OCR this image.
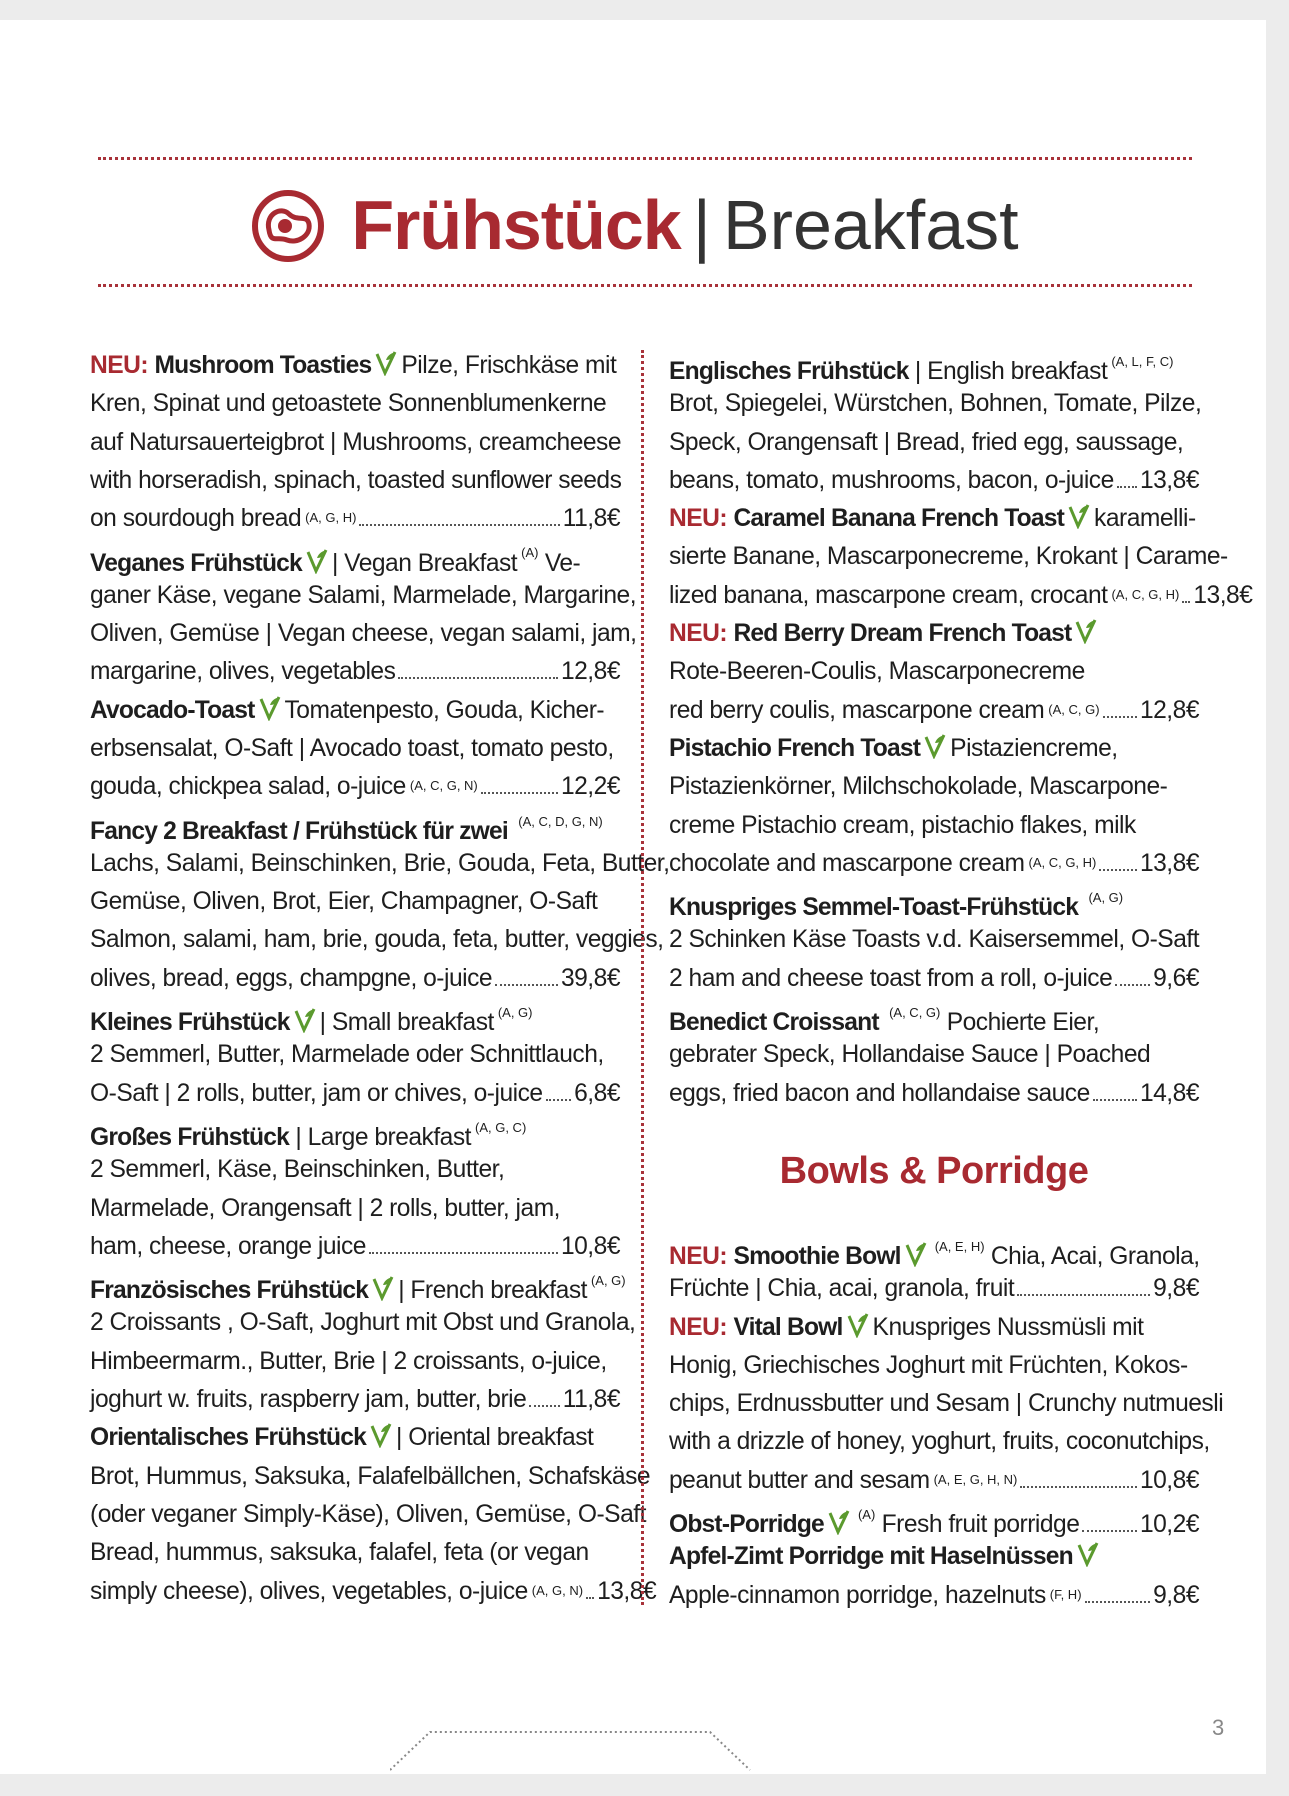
Frühstück | Breakfast
NEU: Mushroom Toasties Pilze, Frischkäse mit
Kren, Spinat und getoastete Sonnenblumenkerne
auf Natursauerteigbrot | Mushrooms, creamcheese
with horseradish, spinach, toasted sunflower seeds
on sourdough bread (A, G, H)	11,8€
Veganes Frühstück | Vegan Breakfast $^{(A)}$ Ve-
ganer Käse, vegane Salami, Marmelade, Margarine,
Oliven, Gemüse | Vegan cheese, vegan salami, jam,
margarine, olives, vegetables	12,8€
Avocado-Toast Tomatenpesto, Gouda, Kicher-
erbsensalat, O-Saft | Avocado toast, tomato pesto,
gouda, chickpea salad, o-juice (A, C, G, N)	12,2€
Fancy 2 Breakfast / Frühstück für zwei $^{(A, C, D, G, N)}$
Lachs, Salami, Beinschinken, Brie, Gouda, Feta, Butter,
Gemüse, Oliven, Brot, Eier, Champagner, O-Saft
Salmon, salami, ham, brie, gouda, feta, butter, veggies,
olives, bread, eggs, champgne, o-juice	39,8€
Kleines Frühstück | Small breakfast $^{(A, G)}$
2 Semmerl, Butter, Marmelade oder Schnittlauch,
O-Saft | 2 rolls, butter, jam or chives, o-juice 6,8€
Großes Frühstück | Large breakfast $^{(A, G, C)}$
2 Semmerl, Käse, Beinschinken, Butter,
Marmelade, Orangensaft | 2 rolls, butter, jam,
ham, cheese, orange juice	10,8€
Französisches Frühstück | French breakfast $^{(A, G)}$
2 Croissants , O-Saft, Joghurt mit Obst und Granola,
Himbeermarm., Butter, Brie | 2 croissants, o-juice,
joghurt w. fruits, raspberry jam, butter, brie 11,8€
Orientalisches Frühstück | Oriental breakfast
Brot, Hummus, Saksuka, Falafelbällchen, Schafskäse
(oder veganer Simply-Käse), Oliven, Gemüse, O-Saft
Bread, hummus, saksuka, falafel, feta (or vegan
simply cheese), olives, vegetables, o-juice (A, G, N) 13,8€
Englisches Frühstück | English breakfast $^{(A, L, F, C)}$
Brot, Spiegelei, Würstchen, Bohnen, Tomate, Pilze,
Speck, Orangensaft | Bread, fried egg, saussage,
beans, tomato, mushrooms, bacon, o-juice 13,8€
NEU: Caramel Banana French Toast karamelli-
sierte Banane, Mascarponecreme, Krokant | Carame-
lized banana, mascarpone cream, crocant (A, C, G, H) 13,8€
NEU: Red Berry Dream French Toast
Rote-Beeren-Coulis, Mascarponecreme
red berry coulis, mascarpone cream (A, C, G) 12,8€
Pistachio French Toast Pistaziencreme,
Pistazienkörner, Milchschokolade, Mascarpone-
creme Pistachio cream, pistachio flakes, milk
chocolate and mascarpone cream (A, C, G, H) 13,8€
Knuspriges Semmel-Toast-Frühstück $^{(A, G)}$
2 Schinken Käse Toasts v.d. Kaisersemmel, O-Saft
2 ham and cheese toast from a roll, o-juice 9,6€
Benedict Croissant $^{(A, C, G)}$ Pochierte Eier,
gebrater Speck, Hollandaise Sauce | Poached
eggs, fried bacon and hollandaise sauce 14,8€
Bowls & Porridge
NEU: Smoothie Bowl	$^{(A, E, H)}$ Chia, Acai, Granola,
Früchte | Chia, acai, granola, fruit	9,8€
NEU: Vital Bowl Knuspriges Nussmüsli mit
Honig, Griechisches Joghurt mit Früchten, Kokos-
chips, Erdnussbutter und Sesam | Crunchy nutmuesli
with a drizzle of honey, yoghurt, fruits, coconutchips,
peanut butter and sesam (A, E, G, H, N)	10,8€
Obst-Porridge	$^{(A)}$ Fresh fruit porridge 10,2€
Apfel-Zimt Porridge mit Haselnüssen
Apple-cinnamon porridge, hazelnuts (F, H)	9,8€
3
